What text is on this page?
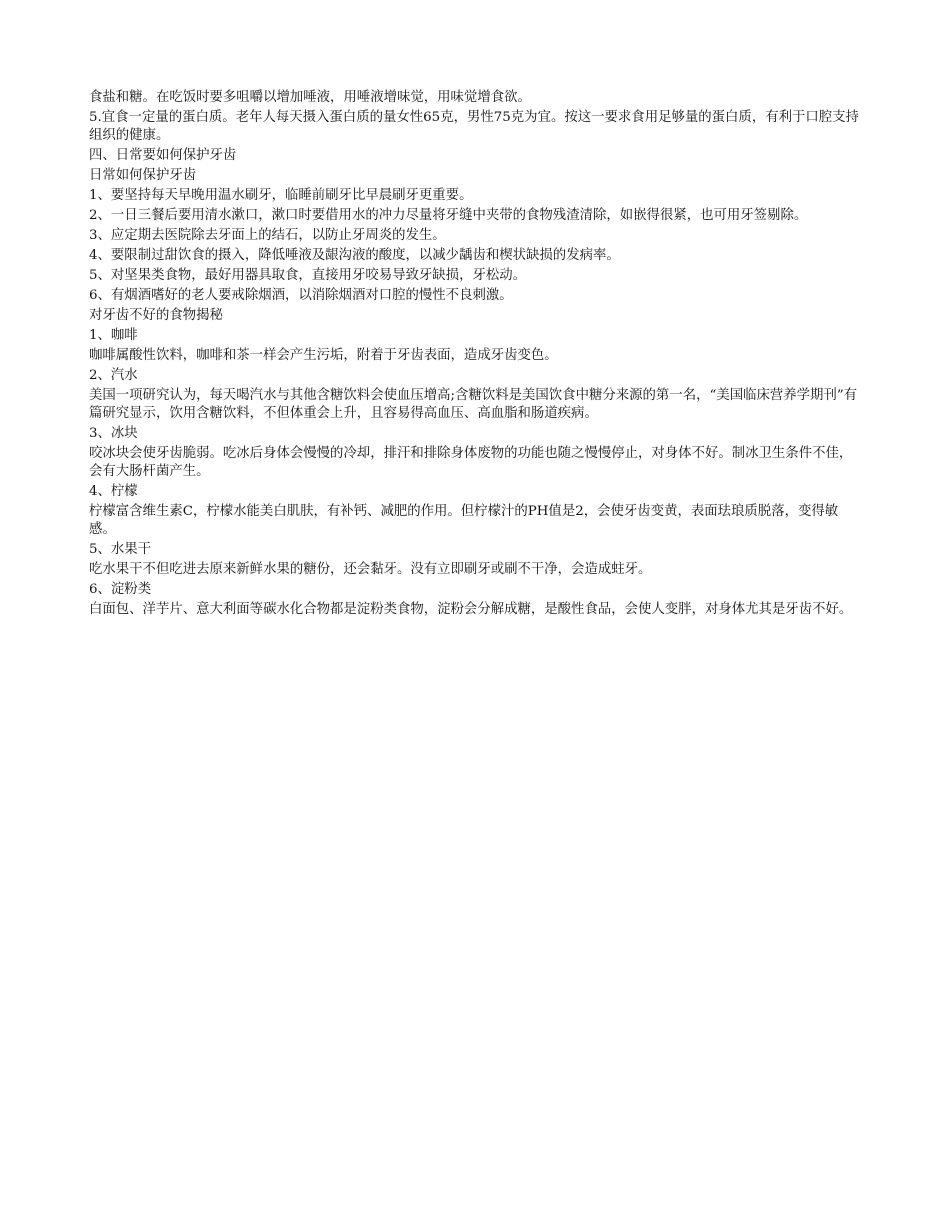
食盐和糖。在吃饭时要多咀嚼以增加唾液，用唾液增味觉，用味觉增食欲。

5.宜食一定量的蛋白质。老年人每天摄入蛋白质的量女性65克，男性75克为宜。按这一要求食用足够量的蛋白质，有利于口腔支持组织的健康。

四、日常要如何保护牙齿

日常如何保护牙齿

1、要坚持每天早晚用温水刷牙，临睡前刷牙比早晨刷牙更重要。

2、一日三餐后要用清水漱口，漱口时要借用水的冲力尽量将牙缝中夹带的食物残渣清除，如嵌得很紧，也可用牙签剔除。

3、应定期去医院除去牙面上的结石，以防止牙周炎的发生。

4、要限制过甜饮食的摄入，降低唾液及龈沟液的酸度，以减少龋齿和楔状缺损的发病率。

5、对坚果类食物，最好用器具取食，直接用牙咬易导致牙缺损，牙松动。

6、有烟酒嗜好的老人要戒除烟酒，以消除烟酒对口腔的慢性不良刺激。

对牙齿不好的食物揭秘

1、咖啡

咖啡属酸性饮料，咖啡和茶一样会产生污垢，附着于牙齿表面，造成牙齿变色。

2、汽水

美国一项研究认为，每天喝汽水与其他含糖饮料会使血压增高;含糖饮料是美国饮食中糖分来源的第一名，“美国临床营养学期刊”有篇研究显示，饮用含糖饮料，不但体重会上升，且容易得高血压、高血脂和肠道疾病。

3、冰块

咬冰块会使牙齿脆弱。吃冰后身体会慢慢的冷却，排汗和排除身体废物的功能也随之慢慢停止，对身体不好。制冰卫生条件不佳，会有大肠杆菌产生。

4、柠檬

柠檬富含维生素C，柠檬水能美白肌肤，有补钙、减肥的作用。但柠檬汁的PH值是2，会使牙齿变黄，表面珐琅质脱落，变得敏感。

5、水果干

吃水果干不但吃进去原来新鲜水果的糖份，还会黏牙。没有立即刷牙或刷不干净，会造成蛀牙。

6、淀粉类

白面包、洋芋片、意大利面等碳水化合物都是淀粉类食物，淀粉会分解成糖，是酸性食品，会使人变胖，对身体尤其是牙齿不好。
